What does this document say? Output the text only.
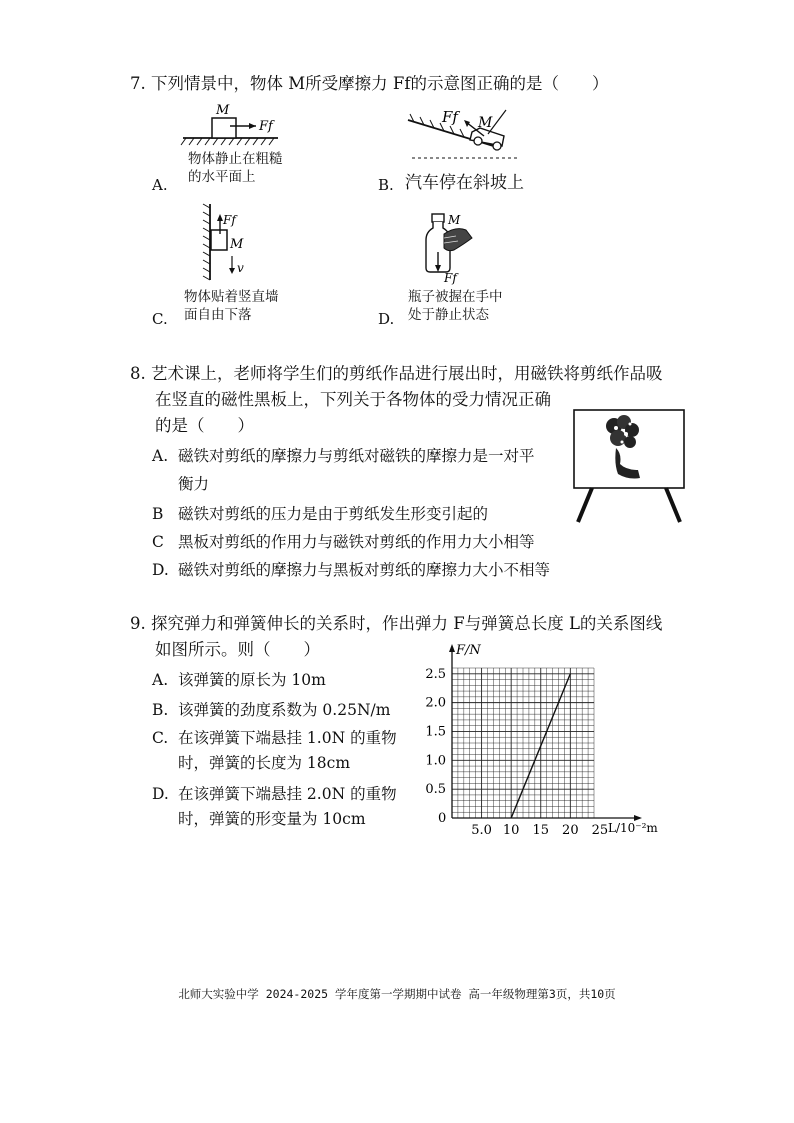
7. 下列情景中，物体 M所受摩擦力 Ff的示意图正确的是（　　）
M
Ff
物体静止在粗糙
的水平面上
A.
Ff M
汽车停在斜坡上
B.
Ff
M
v
物体贴着竖直墙
面自由下落
C.
M
Ff
瓶子被握在手中
处于静止状态
D.
8. 艺术课上，老师将学生们的剪纸作品进行展出时，用磁铁将剪纸作品吸
在竖直的磁性黑板上，下列关于各物体的受力情况正确
的是（　　）
A. 磁铁对剪纸的摩擦力与剪纸对磁铁的摩擦力是一对平
衡力
B 磁铁对剪纸的压力是由于剪纸发生形变引起的
C 黑板对剪纸的作用力与磁铁对剪纸的作用力大小相等
D. 磁铁对剪纸的摩擦力与黑板对剪纸的摩擦力大小不相等
9. 探究弹力和弹簧伸长的关系时，作出弹力 F与弹簧总长度 L的关系图线
如图所示。则（　　）
A. 该弹簧的原长为 10m
B. 该弹簧的劲度系数为 0.25N/m
C. 在该弹簧下端悬挂 1.0N 的重物
时，弹簧的长度为 18cm
D. 在该弹簧下端悬挂 2.0N 的重物
时，弹簧的形变量为 10cm
0.5
1.0
1.5
2.0
2.5
5.0 10 15 20 25
F/N
L/10⁻²m
0
北师大实验中学 2024-2025 学年度第一学期期中试卷 高一年级物理第3页，共10页
